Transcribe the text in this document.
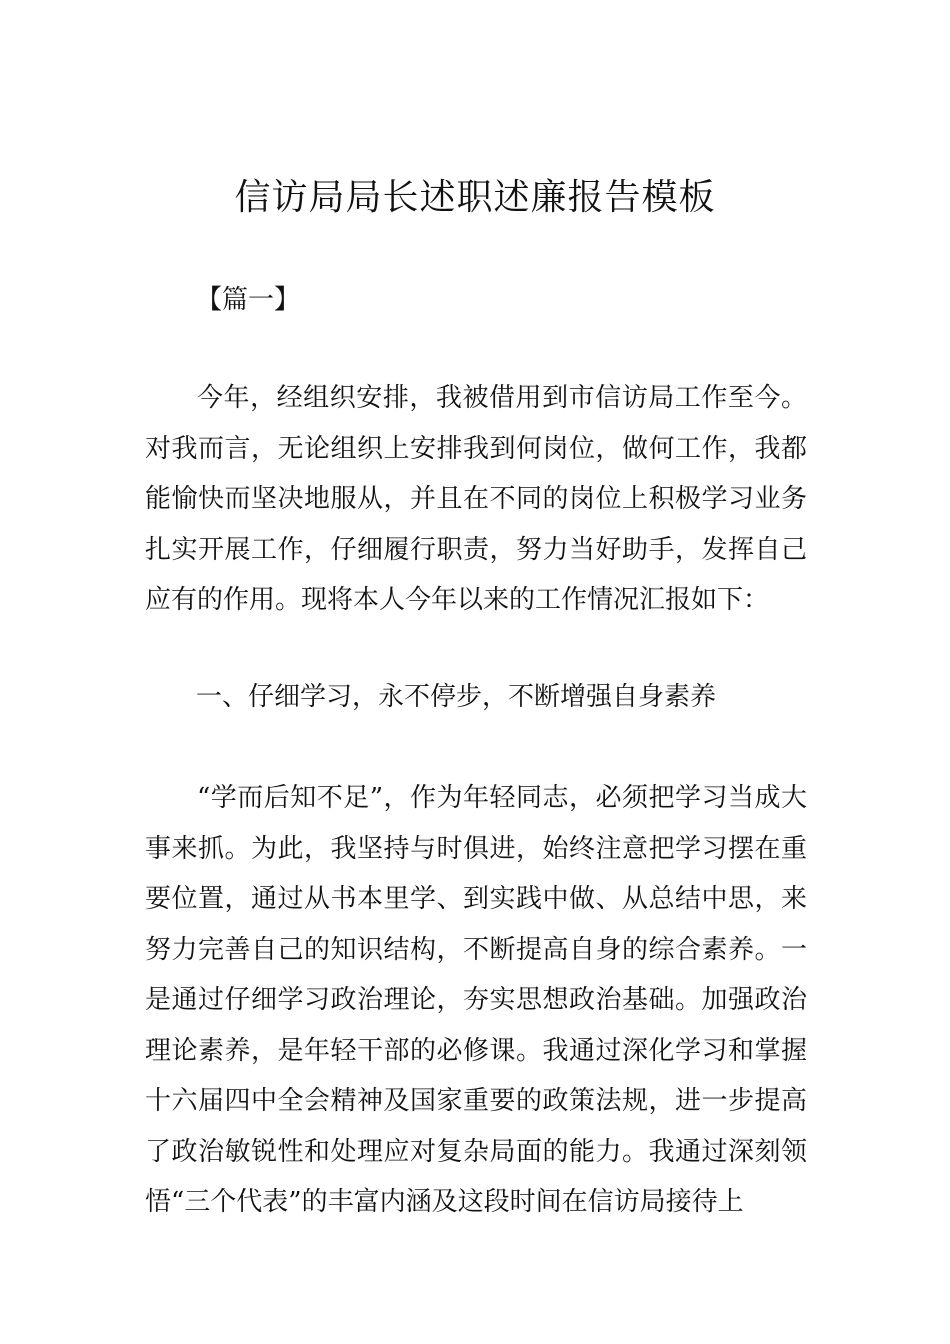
信访局局长述职述廉报告模板

【篇一】

今年，经组织安排，我被借用到市信访局工作至今。对我而言，无论组织上安排我到何岗位，做何工作，我都能愉快而坚决地服从，并且在不同的岗位上积极学习业务扎实开展工作，仔细履行职责，努力当好助手，发挥自己应有的作用。现将本人今年以来的工作情况汇报如下：

一、仔细学习，永不停步，不断增强自身素养

“学而后知不足”，作为年轻同志，必须把学习当成大事来抓。为此，我坚持与时俱进，始终注意把学习摆在重要位置，通过从书本里学、到实践中做、从总结中思，来努力完善自己的知识结构，不断提高自身的综合素养。一是通过仔细学习政治理论，夯实思想政治基础。加强政治理论素养，是年轻干部的必修课。我通过深化学习和掌握十六届四中全会精神及国家重要的政策法规，进一步提高了政治敏锐性和处理应对复杂局面的能力。我通过深刻领悟“三个代表”的丰富内涵及这段时间在信访局接待上
